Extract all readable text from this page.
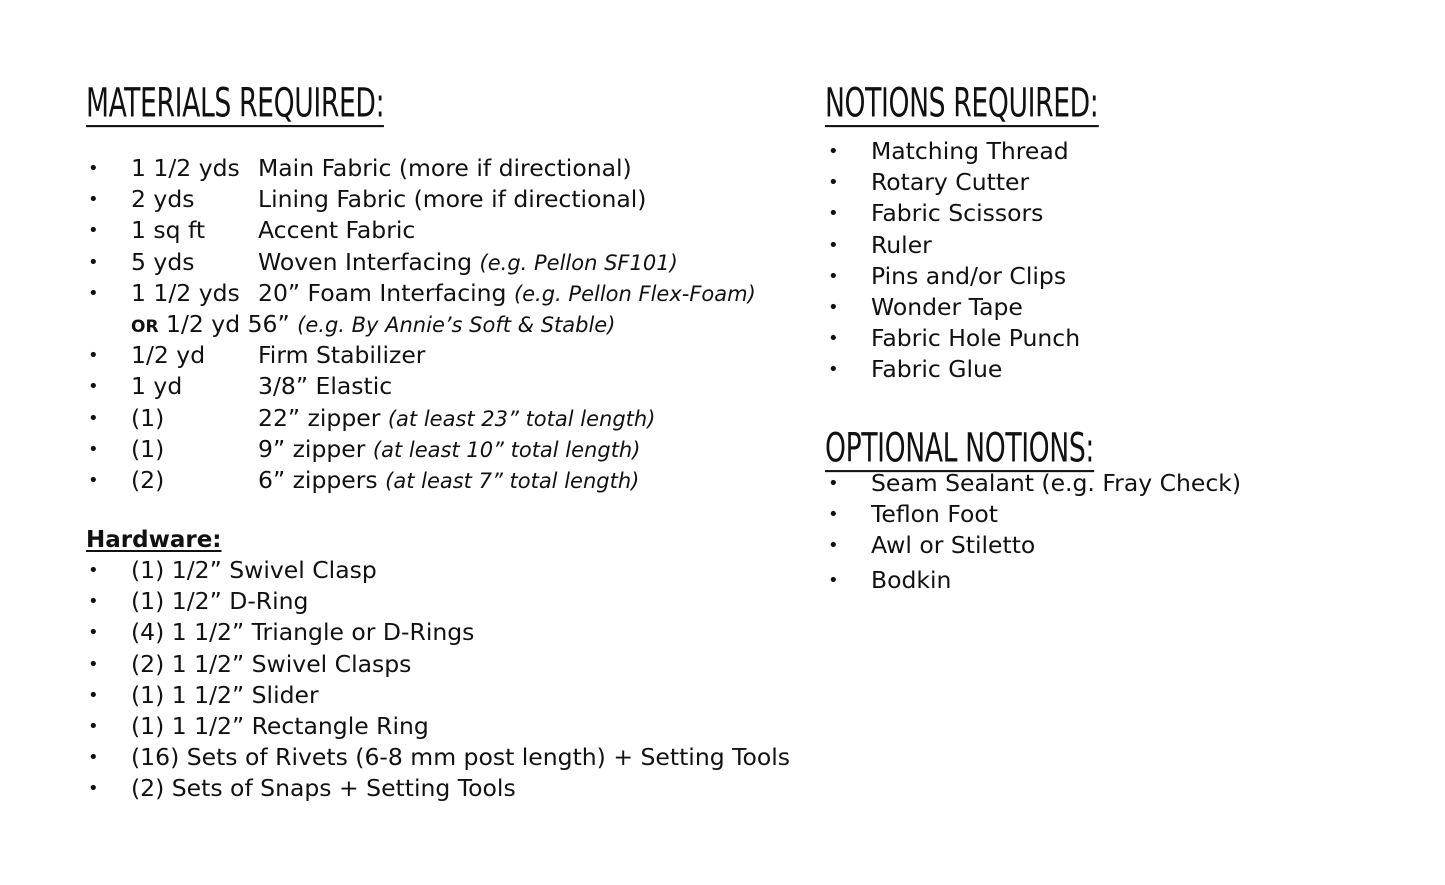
MATERIALS REQUIRED:
• 1 1/2 yds Main Fabric (more if directional)
• 2 yds	Lining Fabric (more if directional)
• 1 sq ft Accent Fabric
• 5 yds	Woven Interfacing (e.g. Pellon SF101)
• 1 1/2 yds 20” Foam Interfacing (e.g. Pellon Flex-Foam)
OR 1/2 yd 56” (e.g. By Annie’s Soft & Stable)
• 1/2 yd Firm Stabilizer
• 1 yd	3/8” Elastic
• (1)	22” zipper (at least 23” total length)
• (1)	9” zipper (at least 10” total length)
• (2)	6” zippers (at least 7” total length)
Hardware:
• (1) 1/2” Swivel Clasp
• (1) 1/2” D-Ring
• (4) 1 1/2” Triangle or D-Rings
• (2) 1 1/2” Swivel Clasps
• (1) 1 1/2” Slider
• (1) 1 1/2” Rectangle Ring
• (16) Sets of Rivets (6-8 mm post length) + Setting Tools
• (2) Sets of Snaps + Setting Tools
NOTIONS REQUIRED:
• Matching Thread
• Rotary Cutter
• Fabric Scissors
• Ruler
• Pins and/or Clips
• Wonder Tape
• Fabric Hole Punch
• Fabric Glue
OPTIONAL NOTIONS:
• Seam Sealant (e.g. Fray Check)
• Teflon Foot
• Awl or Stiletto
• Bodkin
